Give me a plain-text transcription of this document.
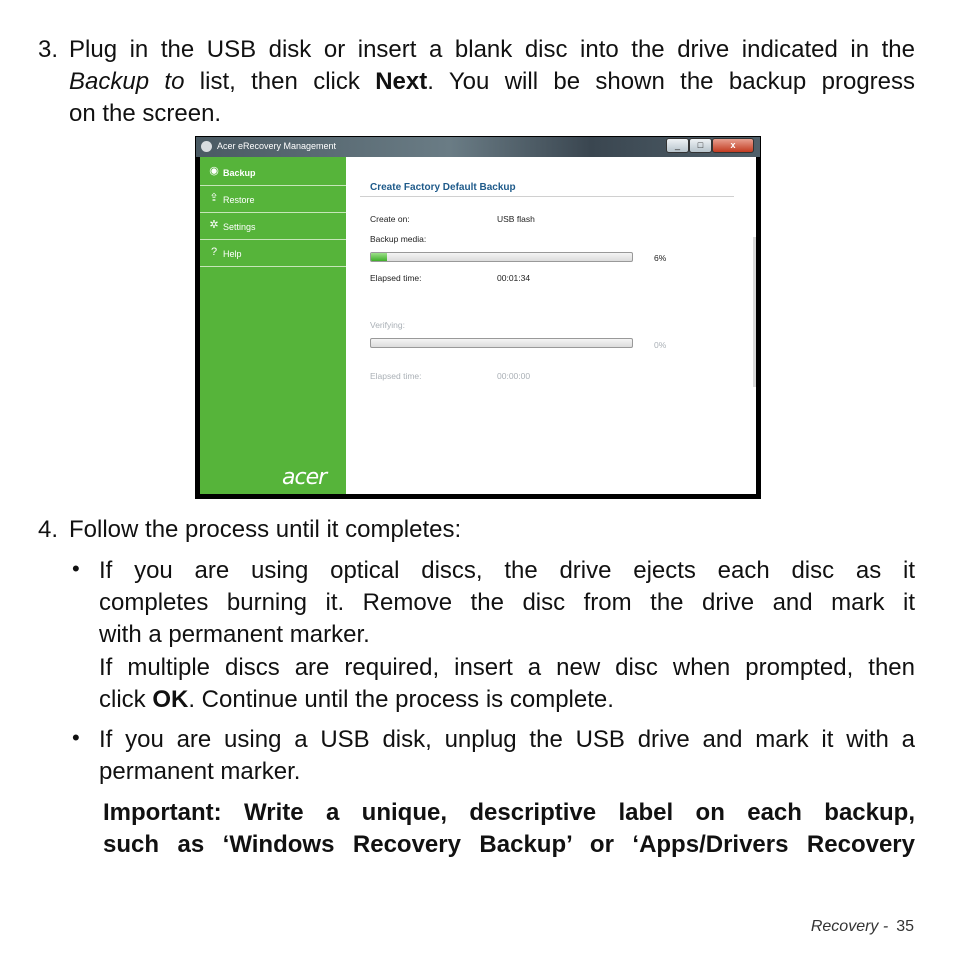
3. Plug in the USB disk or insert a blank disc into the drive indicated in the
Backup to list, then click Next. You will be shown the backup progress
on the screen.
Acer eRecovery Management	_	□	x
◉ Backup
⇪ Restore
✲ Settings
? Help
acer
Create Factory Default Backup
Create on:	USB flash
Backup media:
6%
Elapsed time:	00:01:34
Verifying:
0%
Elapsed time:	00:00:00
4. Follow the process until it completes:
• If you are using optical discs, the drive ejects each disc as it
completes burning it. Remove the disc from the drive and mark it
with a permanent marker.
If multiple discs are required, insert a new disc when prompted, then
click OK. Continue until the process is complete.
• If you are using a USB disk, unplug the USB drive and mark it with a
permanent marker.
Important: Write a unique, descriptive label on each backup,
such as ‘Windows Recovery Backup’ or ‘Apps/Drivers Recovery
Recovery - 35
